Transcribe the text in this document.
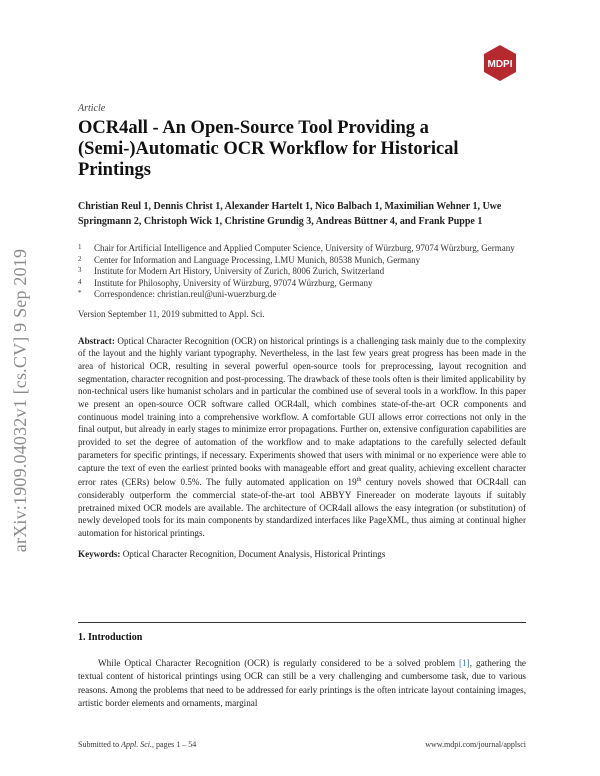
arXiv:1909.04032v1 [cs.CV] 9 Sep 2019
MDPI

Article

OCR4all - An Open-Source Tool Providing a (Semi-)Automatic OCR Workflow for Historical Printings
Christian Reul 1, Dennis Christ 1, Alexander Hartelt 1, Nico Balbach 1, Maximilian Wehner 1, Uwe
Springmann 2, Christoph Wick 1, Christine Grundig 3, Andreas Büttner 4, and Frank Puppe 1
1	Chair for Artificial Intelligence and Applied Computer Science, University of Würzburg, 97074 Würzburg, Germany
2	Center for Information and Language Processing, LMU Munich, 80538 Munich, Germany
3	Institute for Modern Art History, University of Zurich, 8006 Zurich, Switzerland
4	Institute for Philosophy, University of Würzburg, 97074 Würzburg, Germany
*	Correspondence: christian.reul@uni-wuerzburg.de
Version September 11, 2019 submitted to Appl. Sci.
Abstract: Optical Character Recognition (OCR) on historical printings is a challenging task mainly due to the complexity of the layout and the highly variant typography. Nevertheless, in the last few years great progress has been made in the area of historical OCR, resulting in several powerful open-source tools for preprocessing, layout recognition and segmentation, character recognition and post-processing. The drawback of these tools often is their limited applicability by non-technical users like humanist scholars and in particular the combined use of several tools in a workflow. In this paper we present an open-source OCR software called OCR4all, which combines state-of-the-art OCR components and continuous model training into a comprehensive workflow. A comfortable GUI allows error corrections not only in the final output, but already in early stages to minimize error propagations. Further on, extensive configuration capabilities are provided to set the degree of automation of the workflow and to make adaptations to the carefully selected default parameters for specific printings, if necessary. Experiments showed that users with minimal or no experience were able to capture the text of even the earliest printed books with manageable effort and great quality, achieving excellent character error rates (CERs) below 0.5%. The fully automated application on 19th century novels showed that OCR4all can considerably outperform the commercial state-of-the-art tool ABBYY Finereader on moderate layouts if suitably pretrained mixed OCR models are available. The architecture of OCR4all allows the easy integration (or substitution) of newly developed tools for its main components by standardized interfaces like PageXML, thus aiming at continual higher automation for historical printings.
Keywords: Optical Character Recognition, Document Analysis, Historical Printings
1. Introduction

While Optical Character Recognition (OCR) is regularly considered to be a solved problem [1], gathering the textual content of historical printings using OCR can still be a very challenging and cumbersome task, due to various reasons. Among the problems that need to be addressed for early printings is the often intricate layout containing images, artistic border elements and ornaments, marginal

Submitted to Appl. Sci., pages 1 – 54	www.mdpi.com/journal/applsci
